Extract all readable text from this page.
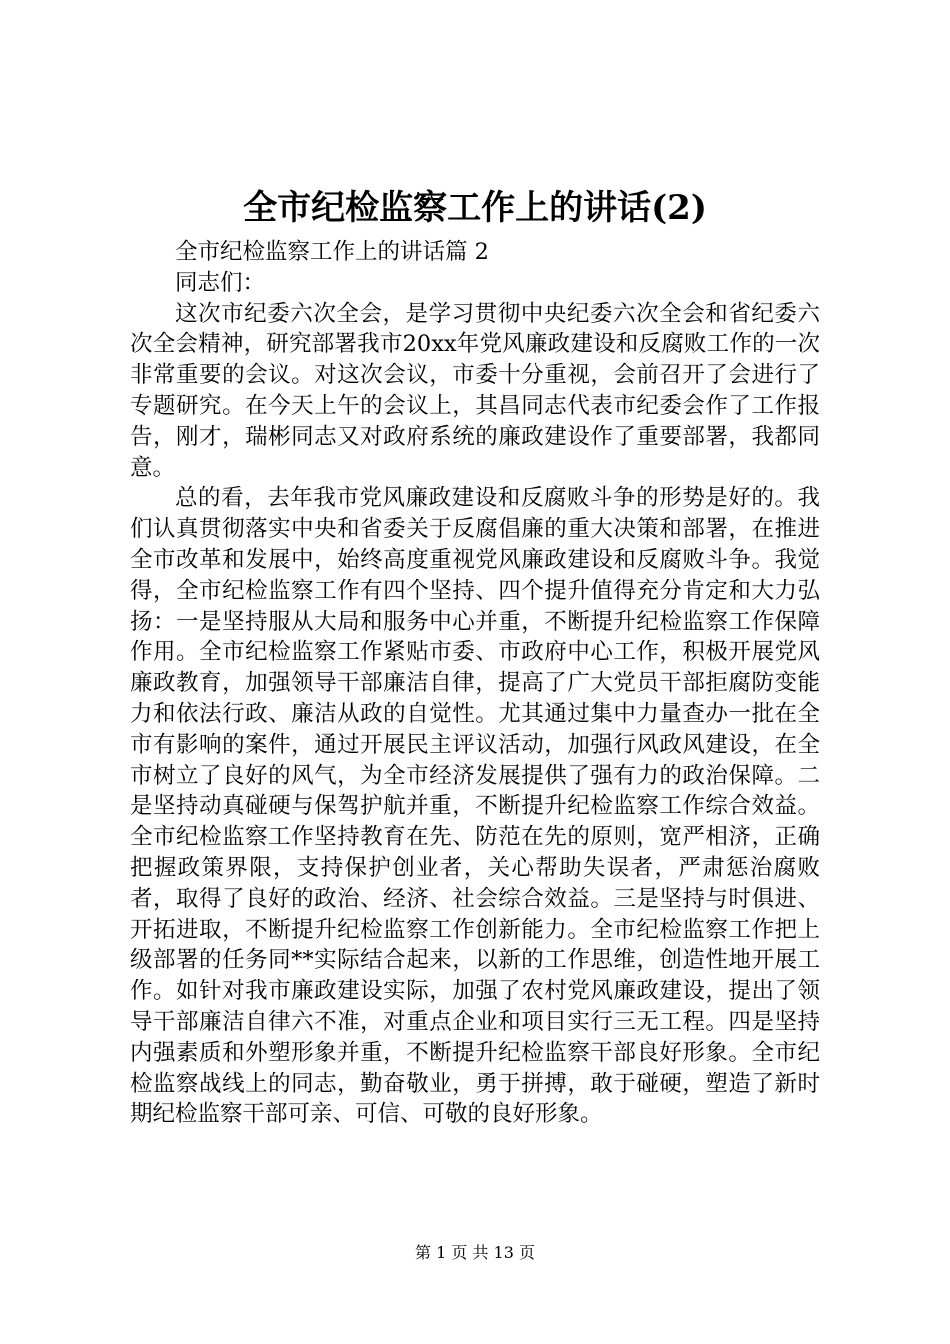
全市纪检监察工作上的讲话(2)

全市纪检监察工作上的讲话篇 2

同志们：

这次市纪委六次全会，是学习贯彻中央纪委六次全会和省纪委六次全会精神，研究部署我市20xx年党风廉政建设和反腐败工作的一次非常重要的会议。对这次会议，市委十分重视，会前召开了会进行了专题研究。在今天上午的会议上，其昌同志代表市纪委会作了工作报告，刚才，瑞彬同志又对政府系统的廉政建设作了重要部署，我都同意。

总的看，去年我市党风廉政建设和反腐败斗争的形势是好的。我们认真贯彻落实中央和省委关于反腐倡廉的重大决策和部署，在推进全市改革和发展中，始终高度重视党风廉政建设和反腐败斗争。我觉得，全市纪检监察工作有四个坚持、四个提升值得充分肯定和大力弘扬：一是坚持服从大局和服务中心并重，不断提升纪检监察工作保障作用。全市纪检监察工作紧贴市委、市政府中心工作，积极开展党风廉政教育，加强领导干部廉洁自律，提高了广大党员干部拒腐防变能力和依法行政、廉洁从政的自觉性。尤其通过集中力量查办一批在全市有影响的案件，通过开展民主评议活动，加强行风政风建设，在全市树立了良好的风气，为全市经济发展提供了强有力的政治保障。二是坚持动真碰硬与保驾护航并重，不断提升纪检监察工作综合效益。全市纪检监察工作坚持教育在先、防范在先的原则，宽严相济，正确把握政策界限，支持保护创业者，关心帮助失误者，严肃惩治腐败者，取得了良好的政治、经济、社会综合效益。三是坚持与时俱进、开拓进取，不断提升纪检监察工作创新能力。全市纪检监察工作把上级部署的任务同**实际结合起来，以新的工作思维，创造性地开展工作。如针对我市廉政建设实际，加强了农村党风廉政建设，提出了领导干部廉洁自律六不准，对重点企业和项目实行三无工程。四是坚持内强素质和外塑形象并重，不断提升纪检监察干部良好形象。全市纪检监察战线上的同志，勤奋敬业，勇于拼搏，敢于碰硬，塑造了新时期纪检监察干部可亲、可信、可敬的良好形象。

第 1 页 共 13 页
